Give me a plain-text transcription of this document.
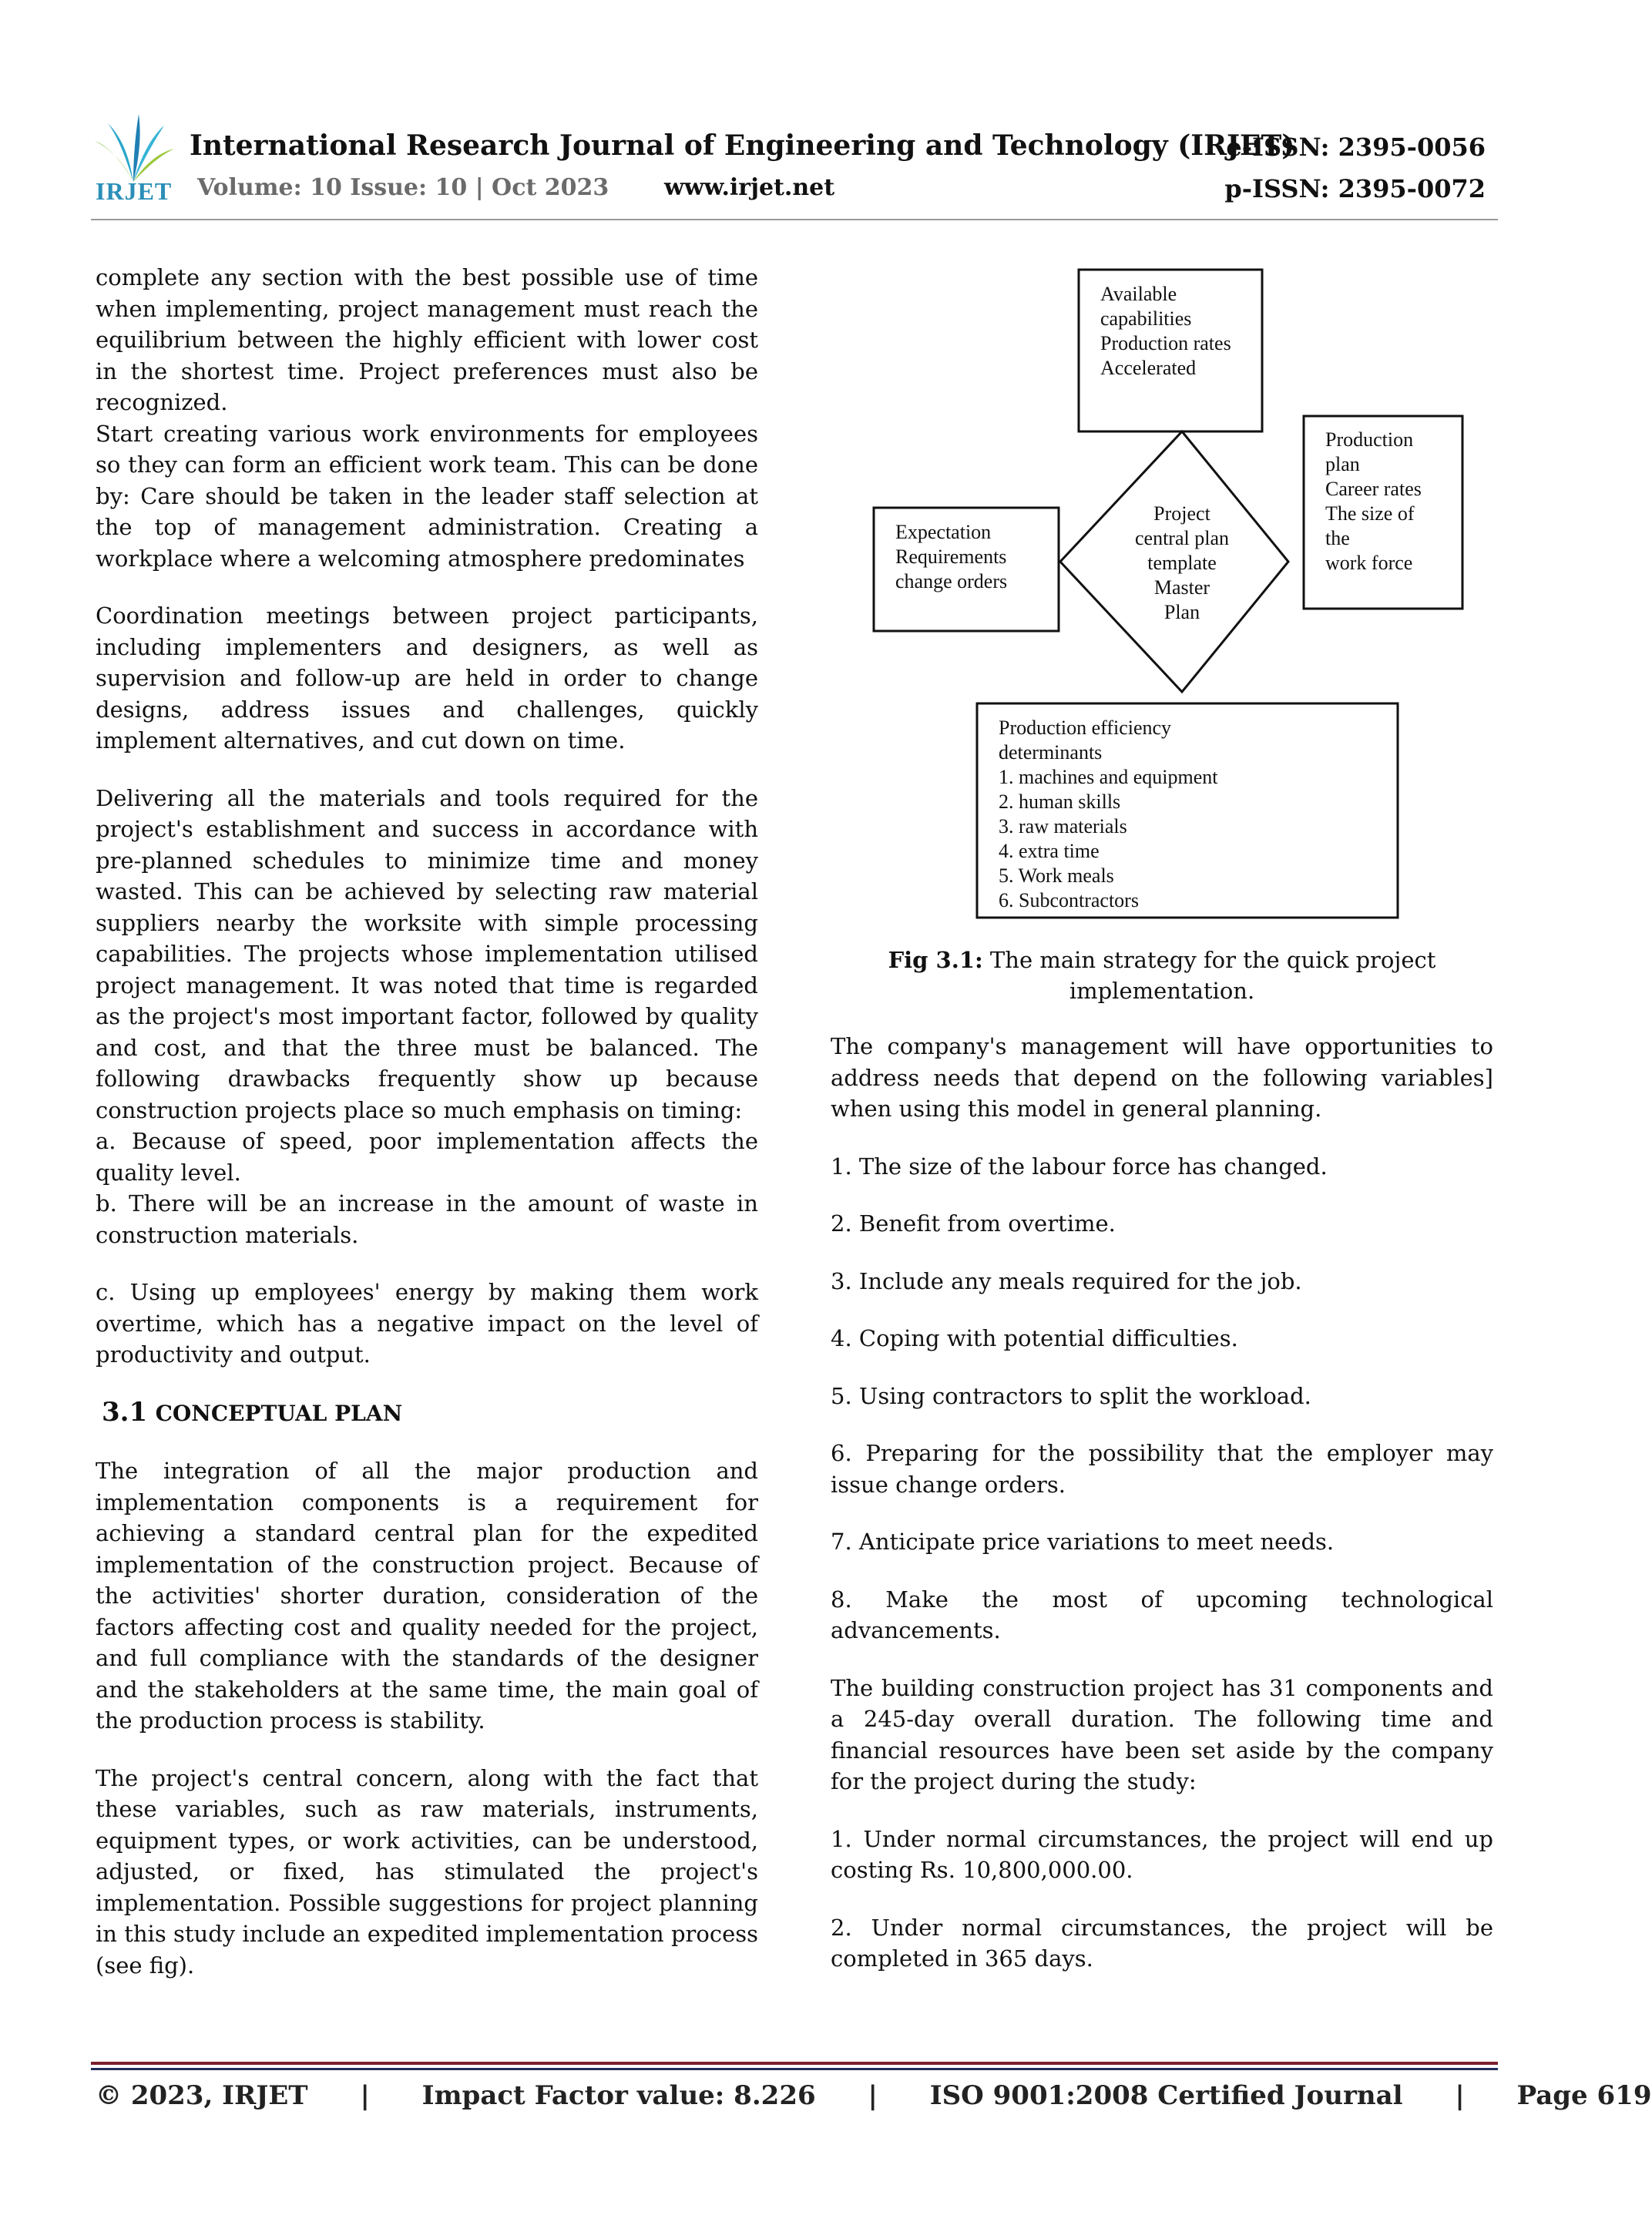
IRJET
International Research Journal of Engineering and Technology (IRJET)
e-ISSN: 2395-0056
Volume: 10 Issue: 10 | Oct 2023 www.irjet.net	p-ISSN: 2395-0072

complete any section with the best possible use of time when implementing, project management must reach the equilibrium between the highly efficient with lower cost in the shortest time. Project preferences must also be recognized.

Start creating various work environments for employees so they can form an efficient work team. This can be done by: Care should be taken in the leader staff selection at the top of management administration. Creating a workplace where a welcoming atmosphere predominates

Coordination meetings between project participants, including implementers and designers, as well as supervision and follow-up are held in order to change designs, address issues and challenges, quickly implement alternatives, and cut down on time.

Delivering all the materials and tools required for the project's establishment and success in accordance with pre-planned schedules to minimize time and money wasted. This can be achieved by selecting raw material suppliers nearby the worksite with simple processing capabilities. The projects whose implementation utilised project management. It was noted that time is regarded as the project's most important factor, followed by quality and cost, and that the three must be balanced. The following drawbacks frequently show up because construction projects place so much emphasis on timing:

a. Because of speed, poor implementation affects the quality level.

b. There will be an increase in the amount of waste in construction materials.

c. Using up employees' energy by making them work overtime, which has a negative impact on the level of productivity and output.

3.1 CONCEPTUAL PLAN

The integration of all the major production and implementation components is a requirement for achieving a standard central plan for the expedited implementation of the construction project. Because of the activities' shorter duration, consideration of the factors affecting cost and quality needed for the project, and full compliance with the standards of the designer and the stakeholders at the same time, the main goal of the production process is stability.

The project's central concern, along with the fact that these variables, such as raw materials, instruments, equipment types, or work activities, can be understood, adjusted, or fixed, has stimulated the project's implementation. Possible suggestions for project planning in this study include an expedited implementation process (see fig).

Available
capabilities
Production rates
Accelerated
Production
plan
Career rates
The size of
the
work force
Expectation
Requirements
change orders
Project
central plan
template
Master
Plan
Production efficiency
determinants
1. machines and equipment
2. human skills
3. raw materials
4. extra time
5. Work meals
6. Subcontractors
Fig 3.1: The main strategy for the quick project implementation.

The company's management will have opportunities to address needs that depend on the following variables] when using this model in general planning.

1. The size of the labour force has changed.

2. Benefit from overtime.

3. Include any meals required for the job.

4. Coping with potential difficulties.

5. Using contractors to split the workload.

6. Preparing for the possibility that the employer may issue change orders.

7. Anticipate price variations to meet needs.

8. Make the most of upcoming technological advancements.

The building construction project has 31 components and a 245-day overall duration. The following time and financial resources have been set aside by the company for the project during the study:

1. Under normal circumstances, the project will end up costing Rs. 10,800,000.00.

2. Under normal circumstances, the project will be completed in 365 days.

© 2023, IRJET | Impact Factor value: 8.226 | ISO 9001:2008 Certified Journal | Page 619
